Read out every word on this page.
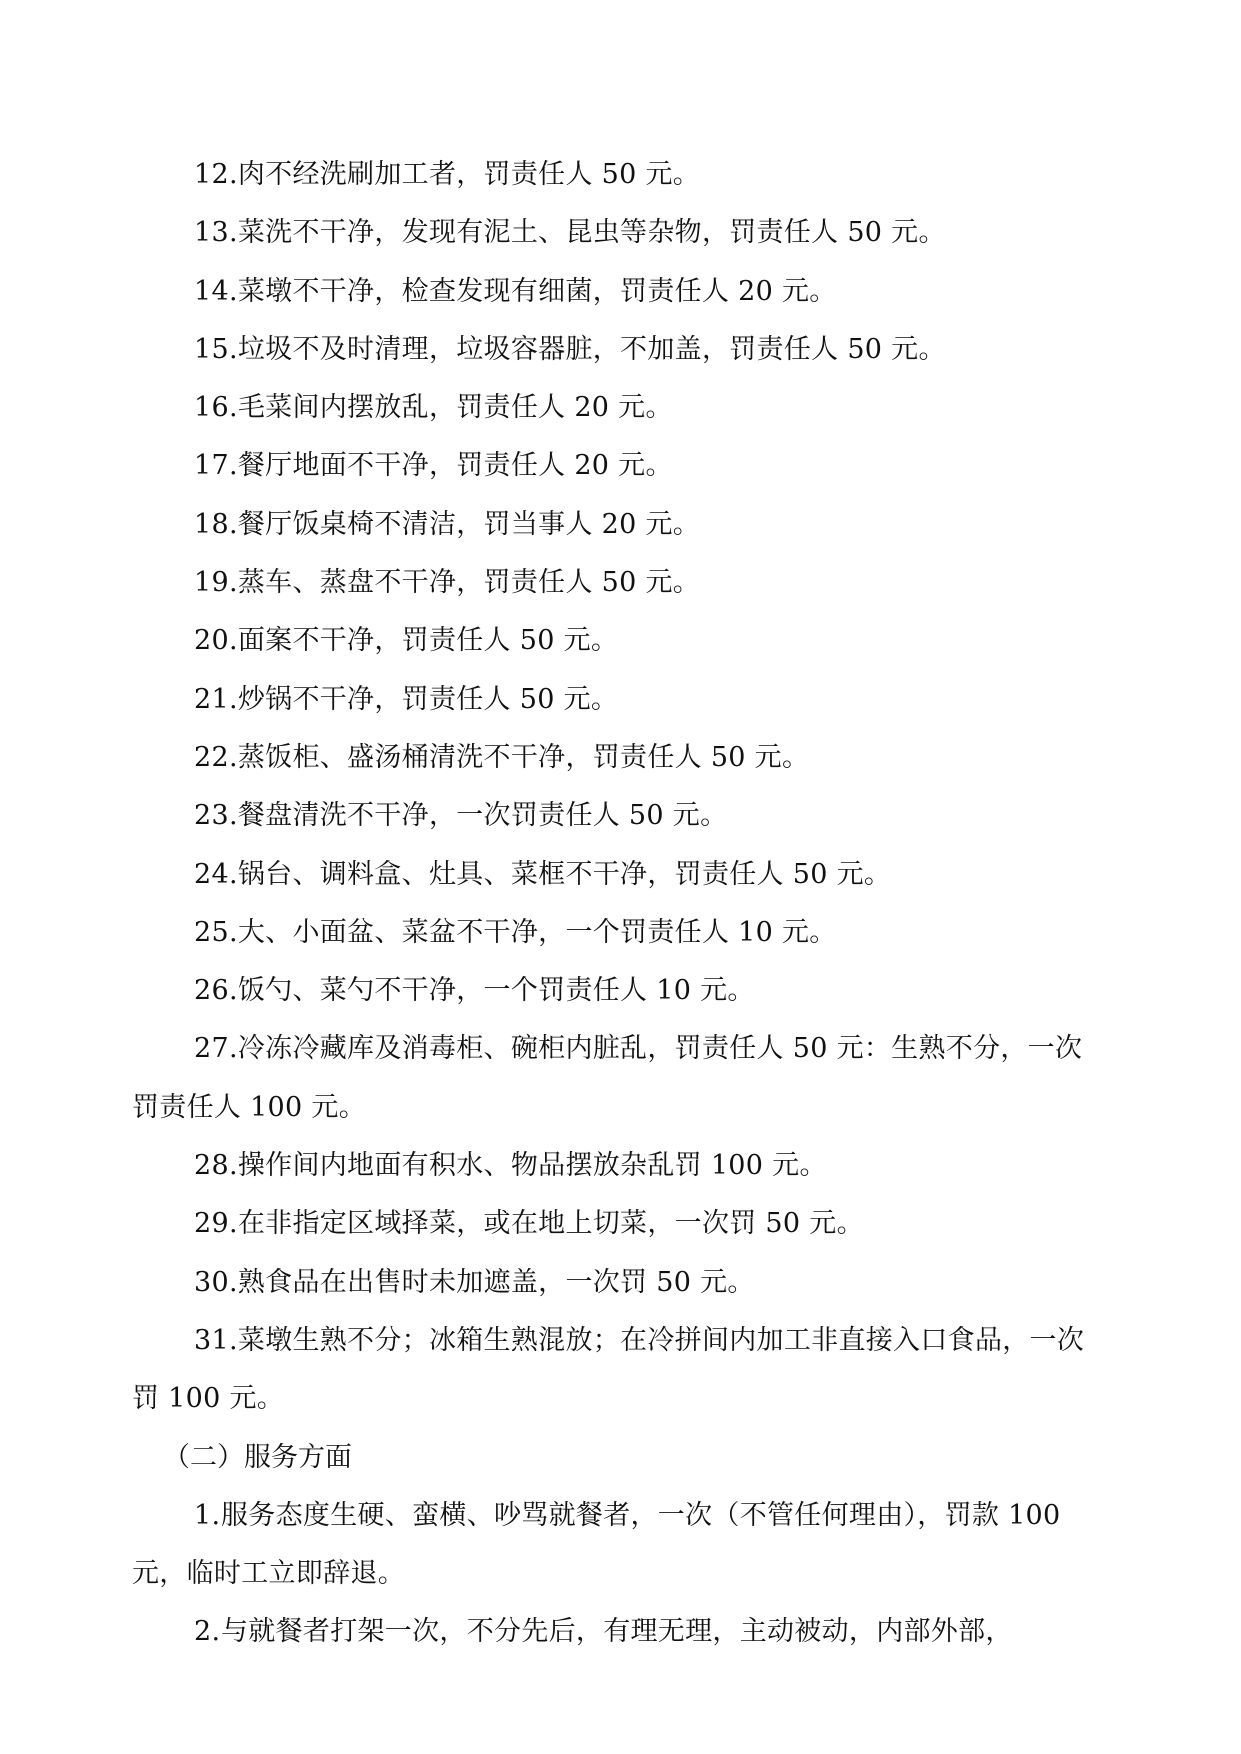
12.肉不经洗刷加工者，罚责任人 50 元。

13.菜洗不干净，发现有泥土、昆虫等杂物，罚责任人 50 元。

14.菜墩不干净，检查发现有细菌，罚责任人 20 元。

15.垃圾不及时清理，垃圾容器脏，不加盖，罚责任人 50 元。

16.毛菜间内摆放乱，罚责任人 20 元。

17.餐厅地面不干净，罚责任人 20 元。

18.餐厅饭桌椅不清洁，罚当事人 20 元。

19.蒸车、蒸盘不干净，罚责任人 50 元。

20.面案不干净，罚责任人 50 元。

21.炒锅不干净，罚责任人 50 元。

22.蒸饭柜、盛汤桶清洗不干净，罚责任人 50 元。

23.餐盘清洗不干净，一次罚责任人 50 元。

24.锅台、调料盒、灶具、菜框不干净，罚责任人 50 元。

25.大、小面盆、菜盆不干净，一个罚责任人 10 元。

26.饭勺、菜勺不干净，一个罚责任人 10 元。

27.冷冻冷藏库及消毒柜、碗柜内脏乱，罚责任人 50 元：生熟不分，一次罚责任人 100 元。

28.操作间内地面有积水、物品摆放杂乱罚 100 元。

29.在非指定区域择菜，或在地上切菜，一次罚 50 元。

30.熟食品在出售时未加遮盖，一次罚 50 元。

31.菜墩生熟不分；冰箱生熟混放；在冷拼间内加工非直接入口食品，一次罚 100 元。

（二）服务方面

1.服务态度生硬、蛮横、吵骂就餐者，一次（不管任何理由），罚款 100 元，临时工立即辞退。

2.与就餐者打架一次，不分先后，有理无理，主动被动，内部外部，
